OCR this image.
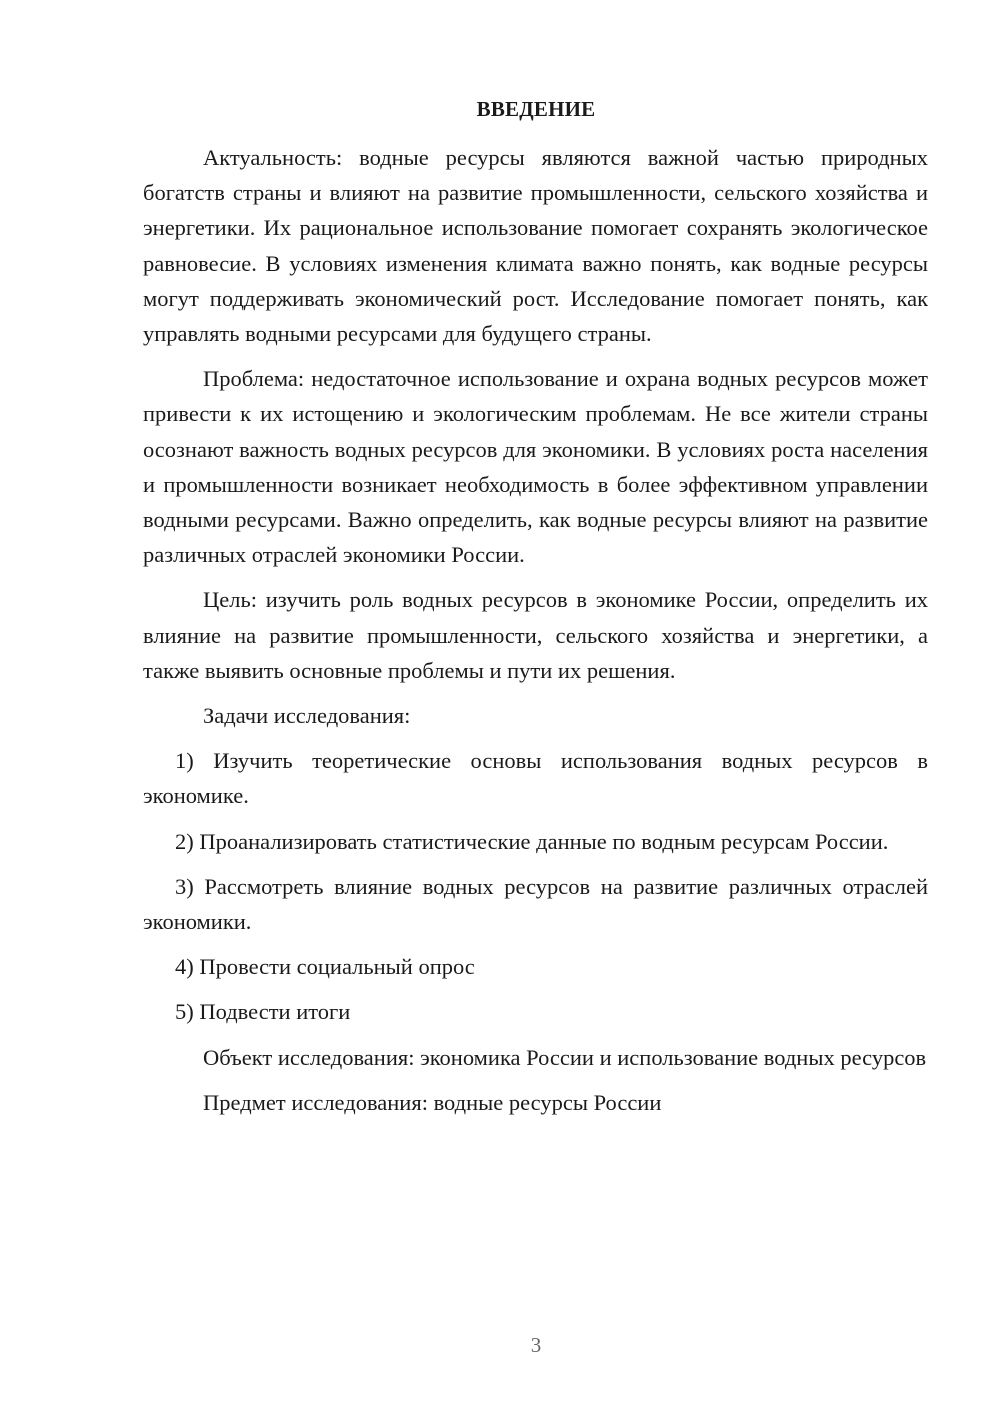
ВВЕДЕНИЕ

Актуальность: водные ресурсы являются важной частью природных богатств страны и влияют на развитие промышленности, сельского хозяйства и энергетики. Их рациональное использование помогает сохранять экологическое равновесие. В условиях изменения климата важно понять, как водные ресурсы могут поддерживать экономический рост. Исследование помогает понять, как управлять водными ресурсами для будущего страны.

Проблема: недостаточное использование и охрана водных ресурсов может привести к их истощению и экологическим проблемам. Не все жители страны осознают важность водных ресурсов для экономики. В условиях роста населения и промышленности возникает необходимость в более эффективном управлении водными ресурсами. Важно определить, как водные ресурсы влияют на развитие различных отраслей экономики России.

Цель: изучить роль водных ресурсов в экономике России, определить их влияние на развитие промышленности, сельского хозяйства и энергетики, а также выявить основные проблемы и пути их решения.

Задачи исследования:

1) Изучить теоретические основы использования водных ресурсов в экономике.

2) Проанализировать статистические данные по водным ресурсам России.

3) Рассмотреть влияние водных ресурсов на развитие различных отраслей экономики.

4) Провести социальный опрос

5) Подвести итоги

Объект исследования: экономика России и использование водных ресурсов

Предмет исследования: водные ресурсы России

3
